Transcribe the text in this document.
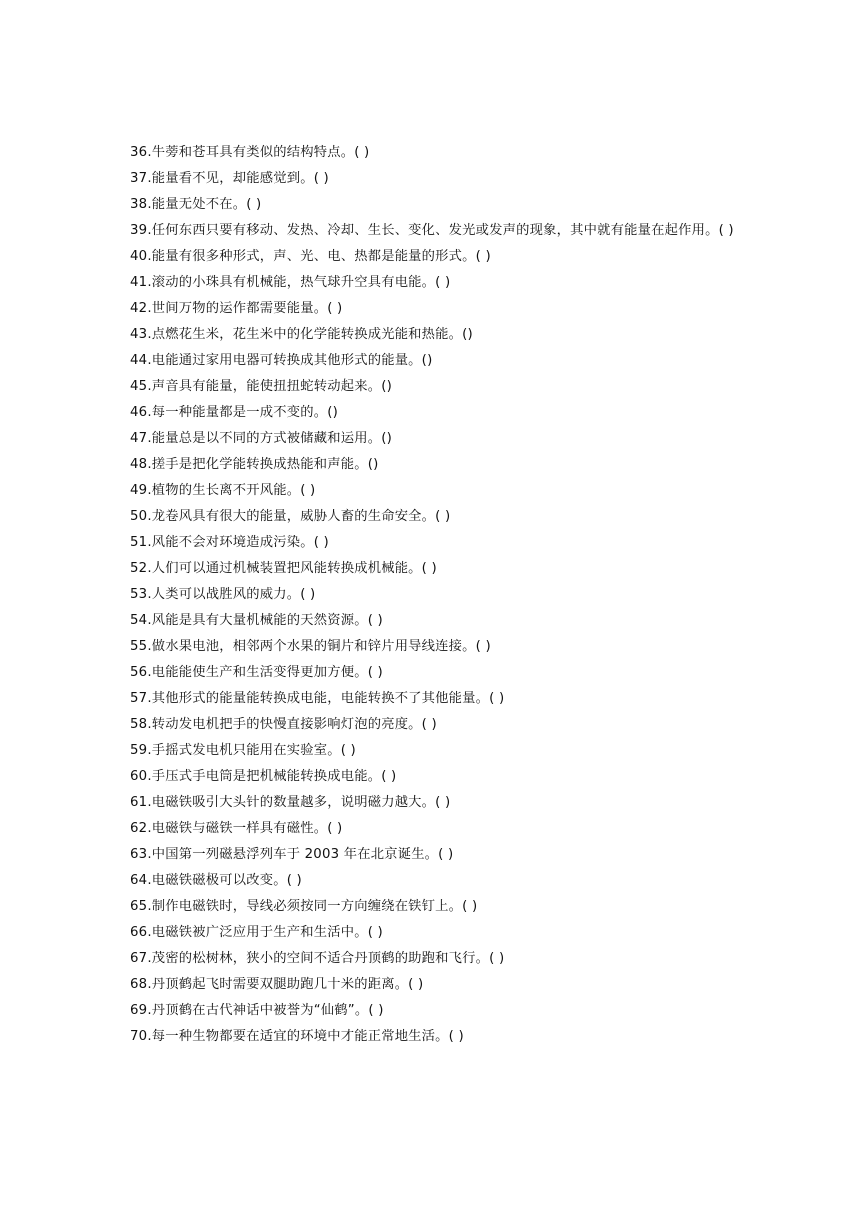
36.牛蒡和苍耳具有类似的结构特点。( )
37.能量看不见，却能感觉到。( )
38.能量无处不在。( )
39.任何东西只要有移动、发热、冷却、生长、变化、发光或发声的现象，其中就有能量在起作用。( )
40.能量有很多种形式，声、光、电、热都是能量的形式。( )
41.滚动的小珠具有机械能，热气球升空具有电能。( )
42.世间万物的运作都需要能量。( )
43.点燃花生米，花生米中的化学能转换成光能和热能。()
44.电能通过家用电器可转换成其他形式的能量。()
45.声音具有能量，能使扭扭蛇转动起来。()
46.每一种能量都是一成不变的。()
47.能量总是以不同的方式被储藏和运用。()
48.搓手是把化学能转换成热能和声能。()
49.植物的生长离不开风能。( )
50.龙卷风具有很大的能量，威胁人畜的生命安全。( )
51.风能不会对环境造成污染。( )
52.人们可以通过机械装置把风能转换成机械能。( )
53.人类可以战胜风的威力。( )
54.风能是具有大量机械能的天然资源。( )
55.做水果电池，相邻两个水果的铜片和锌片用导线连接。( )
56.电能能使生产和生活变得更加方便。( )
57.其他形式的能量能转换成电能，电能转换不了其他能量。( )
58.转动发电机把手的快慢直接影响灯泡的亮度。( )
59.手摇式发电机只能用在实验室。( )
60.手压式手电筒是把机械能转换成电能。( )
61.电磁铁吸引大头针的数量越多，说明磁力越大。( )
62.电磁铁与磁铁一样具有磁性。( )
63.中国第一列磁悬浮列车于 2003 年在北京诞生。( )
64.电磁铁磁极可以改变。( )
65.制作电磁铁时，导线必须按同一方向缠绕在铁钉上。( )
66.电磁铁被广泛应用于生产和生活中。( )
67.茂密的松树林，狭小的空间不适合丹顶鹤的助跑和飞行。( )
68.丹顶鹤起飞时需要双腿助跑几十米的距离。( )
69.丹顶鹤在古代神话中被誉为“仙鹤”。( )
70.每一种生物都要在适宜的环境中才能正常地生活。( )
